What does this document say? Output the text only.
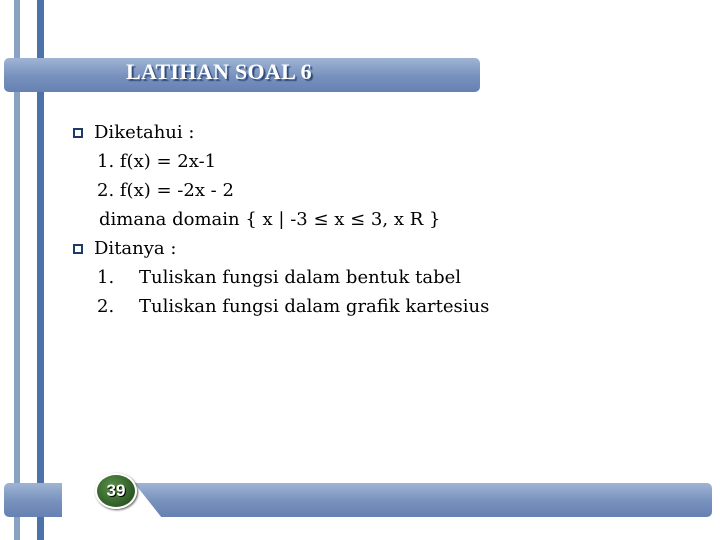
LATIHAN SOAL 6
Diketahui :
1. f(x) = 2x-1
2. f(x) = -2x - 2
dimana domain { x | -3 ≤ x ≤ 3, x R }
Ditanya :
1. Tuliskan fungsi dalam bentuk tabel
2. Tuliskan fungsi dalam grafik kartesius
39
